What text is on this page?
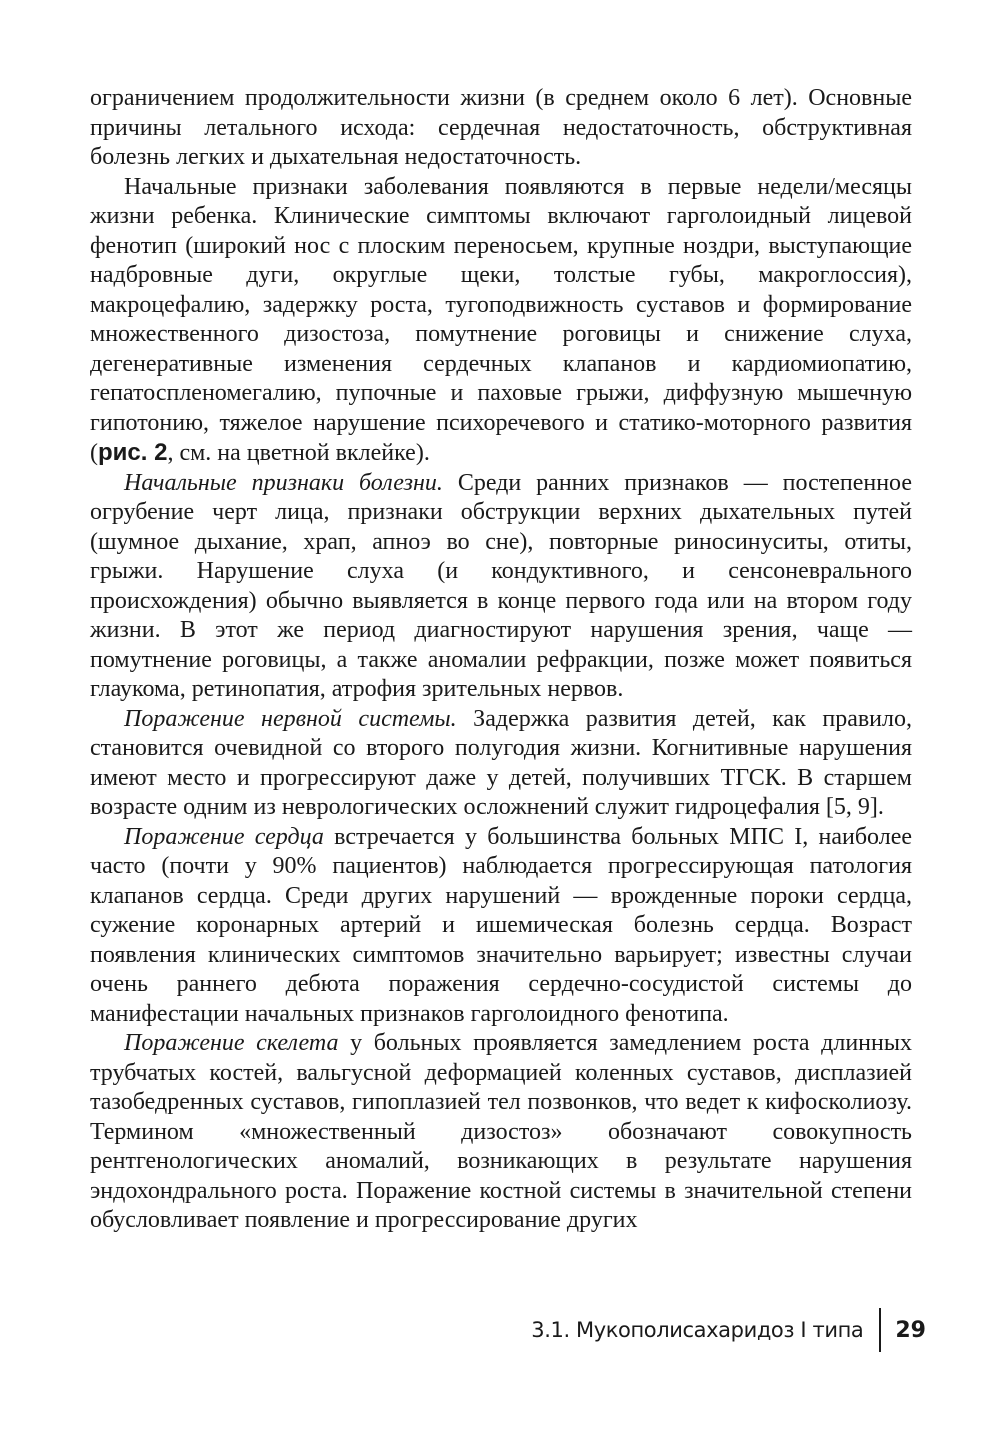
ограничением продолжительности жизни (в среднем около 6 лет). Основные причины летального исхода: сердечная недостаточность, обструктивная болезнь легких и дыхательная недостаточность.

Начальные признаки заболевания появляются в первые недели/месяцы жизни ребенка. Клинические симптомы включают гарголоидный лицевой фенотип (широкий нос с плоским переносьем, крупные ноздри, выступающие надбровные дуги, округлые щеки, толстые губы, макроглоссия), макроцефалию, задержку роста, тугоподвижность суставов и формирование множественного дизостоза, помутнение роговицы и снижение слуха, дегенеративные изменения сердечных клапанов и кардиомиопатию, гепатоспленомегалию, пупочные и паховые грыжи, диффузную мышечную гипотонию, тяжелое нарушение психоречевого и статико-моторного развития (рис. 2, см. на цветной вклейке).

Начальные признаки болезни. Среди ранних признаков — постепенное огрубение черт лица, признаки обструкции верхних дыхательных путей (шумное дыхание, храп, апноэ во сне), повторные риносинуситы, отиты, грыжи. Нарушение слуха (и кондуктивного, и сенсоневрального происхождения) обычно выявляется в конце первого года или на втором году жизни. В этот же период диагностируют нарушения зрения, чаще — помутнение роговицы, а также аномалии рефракции, позже может появиться глаукома, ретинопатия, атрофия зрительных нервов.

Поражение нервной системы. Задержка развития детей, как правило, становится очевидной со второго полугодия жизни. Когнитивные нарушения имеют место и прогрессируют даже у детей, получивших ТГСК. В старшем возрасте одним из неврологических осложнений служит гидроцефалия [5, 9].

Поражение сердца встречается у большинства больных МПС I, наиболее часто (почти у 90% пациентов) наблюдается прогрессирующая патология клапанов сердца. Среди других нарушений — врожденные пороки сердца, сужение коронарных артерий и ишемическая болезнь сердца. Возраст появления клинических симптомов значительно варьирует; известны случаи очень раннего дебюта поражения сердечно-сосудистой системы до манифестации начальных признаков гарголоидного фенотипа.

Поражение скелета у больных проявляется замедлением роста длинных трубчатых костей, вальгусной деформацией коленных суставов, дисплазией тазобедренных суставов, гипоплазией тел позвонков, что ведет к кифосколиозу. Термином «множественный дизостоз» обозначают совокупность рентгенологических аномалий, возникающих в результате нарушения эндохондрального роста. Поражение костной системы в значительной степени обусловливает появление и прогрессирование других

3.1. Мукополисахаридоз I типа 29
